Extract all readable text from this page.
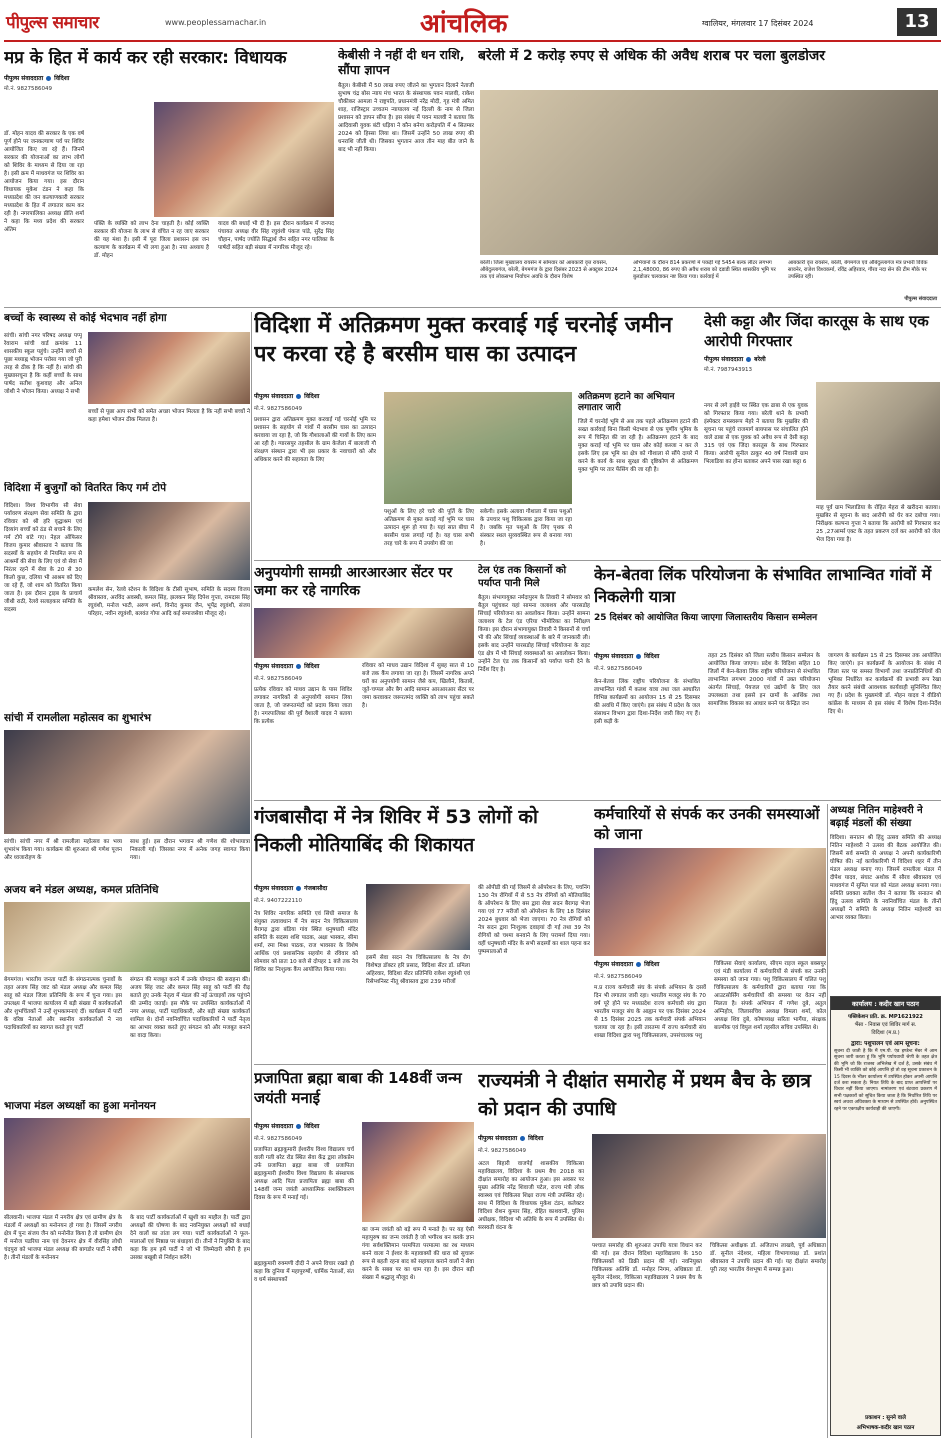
पीपुल्स समाचार	www.peoplessamachar.in	आंचलिक	ग्वालियर, मंगलवार 17 दिसंबर 2024	13
मप्र के हित में कार्य कर रही सरकार: विधायक
पीपुल्स संवाददाता विदिशा
मो.नं. 9827586049
डॉ. मोहन यादव की सरकार के एक वर्ष पूर्ण होने पर जनकल्याण पर्व पर शिविर आयोजित किए जा रहे हैं। जिनमें सरकार की योजनाओं का लाभ लोगों को शिविर के माध्यम से दिया जा रहा है। इसी क्रम में माधवगंज पर शिविर का आयोजन किया गया। इस दौरान विधायक मुकेश टंडन ने कहा कि मध्यप्रदेश की जन कल्याणकारी सरकार मध्यप्रदेश के हित में लगातार काम कर रही है। नगरपालिका अध्यक्ष प्रीति शर्मा ने कहा कि मध्य प्रदेश की सरकार अंतिम
पंक्ति के व्यक्ति को लाभ देना चाहती है। कोई व्यक्ति सरकार की योजना के लाभ से वंचित न रह जाए सरकार की यह मंशा है। इसी में पूरा जिला प्रशासन इस जन कल्याण के कार्यक्रम में भी लगा हुआ है। नया अध्याय है डॉ. मोहन
यादव की बधाई भी दी है। इस दौरान कार्यक्रम में जनपद पंचायत अध्यक्ष वीर सिंह रघुवंशी पंकज पांडे, सुरेंद्र सिंह चौहान, पार्षद ज्योति सिद्धार्थ जैन सहित नगर पालिका के पार्षदों सहित बड़ी संख्या में नागरिक मौजूद रहे।
केबीसी ने नहीं दी धन राशि, सौंपा ज्ञापन
बैतूल। केबीसी में 50 लाख रुपए जीतने का भुगतान दिलाने नेताजी सुभाष चंद्र बोस न्याय मंच भारत के संस्थापक पवन मालवी, राकेश चौकीकर आमला ने राष्ट्रपति, प्रधानमंत्री नरेंद्र मोदी, गृह मंत्री अमित शाह, राजिस्ट्रार उच्चतम न्यायालय नई दिल्ली के नाम से जिला प्रशासन को ज्ञापन सौंपा है। इस संबंध में पवन मालवी ने बताया कि आदिवासी युवक बंटी धड़िया ने कौन बनेगा करोड़पति में 4 सितम्बर 2024 को हिस्सा लिया था। जिसमें उन्होंने 50 लाख रुपए की धनराशि जीती थी। जिसका भुगतान आज तीन माह बीत जाने के बाद भी नहीं किया।
बरेली में 2 करोड़ रुपए से अधिक की अवैध शराब पर चला बुलडोजर
बरेली। जिला मुख्यालय रायसेन में सोमवार को आबकारी वृत्त रायसेन, औबेदुल्लागंज, बरेली, बेगमगंज के द्वारा दिसंबर 2023 से अक्टूबर 2024 तक एवं लोकसभा निर्वाचन अवधि के दौरान विशेष
अभियानों के दौरान 814 प्रकरणों में पकड़ी गई 5454 बल्क लीटर लगभग 2,1,48000, 86 रुपए की अवैध शराब को दडाडी स्थित शासकीय भूमि पर बुलडोजर चलवाकर नष्ट किया गया। कार्रवाई में
आबकारी वृत्त रायसेन, बरेली, बेगमगंज एवं औबेदुल्लागंज मंत्र प्रभारी विवेक सावनेर, राजेश विश्वकर्मा, रविंद्र अहिरवार, गौरव नदा सेन की टीम मौके पर उपस्थित रही।
पीपुल्स संवाददाता
बच्चों के स्वास्थ्य से कोई भेदभाव नहीं होगा
सांची। सांची नगर परिषद अध्यक्ष पप्पू रेवाराम सांची वार्ड क्रमांक 11 शासकीय स्कूल पहुंचे। उन्होंने बच्चों से पूछा मध्याह्न भोजन परोसा गया जो पूरी तरह से ठीक है कि नहीं है। सांची की मुख्यासचूना है कि कहीं बच्चों के साथ पार्षद सतीश कुशवाह और अनिल जोशी ने भोजन किया। अध्यक्ष ने सभी
बच्चों से पूछा आप सभी को समेत अच्छा भोजन मिलता है कि नहीं सभी बच्चों ने कहा हमेशा भोजन ठीक मिलता है।
विदिशा में अतिक्रमण मुक्त करवाई गई चरनोई जमीन पर करवा रहे है बरसीम घास का उत्पादन
पीपुल्स संवाददाता विदिशा
मो.नं. 9827586049
प्रशासन द्वारा अतिक्रमण मुक्त करवाई गई चरनोई भूमि पर प्रशासन के सहयोग से गांवों में बरसीम घास का उत्पादन करवाया जा रहा है, जो कि गौशालाओं की गायों के लिए काम आ रही है। ग्यारसपुर तहसील के ग्राम केजेला में बालाजी गौ संरक्षण संस्थान द्वारा भी इस प्रकार के नवाचारों को और अधिकार करने की सहायता के लिए
पशुओं के लिए हरे चारे की पूर्ति के लिए अतिक्रमण से मुक्त कराई गई भूमि पर घास उत्पादन शुरू हो गया है। यहां सात बीघा में बरसीम घास लगाई गई है। यह घास सभी तरह चारे के रूप में उपयोग की जा
सकेगी। इसके अलावा गौशाला में घास पशुओं के उपचार पशु चिकित्सक द्वारा किया जा रहा है। जबकि मृत पशुओं के लिए पृथक से संस्कार स्थल सुव्यवस्थित रूप से बनाया गया है।
अतिक्रमण हटाने का अभियान लगातार जारी
जिले में चरनोई भूमि से अब तक पहले अतिक्रमण हटाने की सख्त कार्रवाई बिना किसी भेदभाव से एक पूर्णीय भूमिय के रूप में चिन्हित की जा रही है। अतिक्रमण हटाने के बाद मुक्त कराई गई भूमि पर घास और कोई कब्जा न कर ले इसके लिए इस भूमि का क्षेत्र को गौशाला से सौंपे दायरे में करने के कार्य के साथ सुरक्षा की दृष्टिकोण से अतिक्रमण मुक्त भूमि पर तार फेंसिंग की जा रही है।
देसी कट्टा और जिंदा कारतूस के साथ एक आरोपी गिरफ्तार
पीपुल्स संवाददाता बरेली
मो.नं. 7987943913
नगर से लगे हाईवे पर स्थित एक ढाबा से एक युवक को गिरफ्तार किया गया। बरेली थाने के प्रभारी इंस्पेक्टर रामस्वरूप मेहरे ने बताया कि मुखबिर की सूचना पर पहुंचे राजमार्ग बायपास पर संचालित होने वाले ढाबा से एक युवक को अवैध रूप से देसी कट्टा 315 एवं एक जिंदा कारतूस के साथ गिरफ्तार किया। आरोपी सुनील ठाकुर 40 वर्ष निवासी ग्राम भिलाडिया का होना बताकर अपने पास रखा कट्टा 6
माह पूर्व ग्राम भिलाडिया के रोहित मेहरा से खरीदना बताया। मुखबिर से सूचना के बाद आरोपी को घेर कर दबोचा गया। निरीक्षक कल्पना गुप्ता ने बताया कि आरोपी को गिरफ्तार कर 25 ,27आर्म्स एक्ट के तहत प्रकरण दर्ज कर आरोपी को जेल भेज दिया गया है।
विदिशा में बुजुर्गों को वितरित किए गर्म टोपे
विदिशा। विश्व विभागीय सी सेवा पर्यावरण संरक्षण सेवा समिति के द्वारा रविवार को श्री हरि वृद्धाश्रम एवं दिव्यांग बच्चों को ठंड से बचाने के लिए गर्म टोपे बांटे गए। नेहल ऑफिसर विजय कुमार श्रीवास्तव ने बताया कि सदस्यों के सहयोग से नियमित रूप से आश्रमों की सेवा के लिए एवं वो सेवा में निरंतर रहने में सेवा के 20 से 30 किलो कुछ, दलिया भी आश्रम को दिए जा रहे हैं, जो शाम को वितरित किया जाता है। इस दौरान ट्राइब के प्राचार्य जीथी राठी, रेलवे सलाहकार समिति के सदस्य
कमलेश सेन, रेलवे स्टेशन के विदिशा के टीसी सुभाष, समिति के सदस्य विजय श्रीवास्तव, अरविंद अवस्थी, कमल सिंह, झलकन सिंह दिपेश गुप्ता, रामदास सिंह रघुवंशी, मनोज भाटी, अरुण शर्मा, विनोद कुमार जैन, भूपेंद्र रघुवंशी, संजय परिहार, नवीन रघुवंशी, बलवंत गोपा आदि कई समाजसेवा मौजूद रहे।
अनुपयोगी सामग्री आरआरआर सेंटर पर जमा कर रहे नागरिक
पीपुल्स संवाददाता विदिशा
मो.नं. 9827586049
प्रत्येक रविवार को माधव उद्यान के पास शिविर लगाकर नागरिकों से अनुपयोगी सामान लिया जाता है, जो जरूरतमंदों को प्रदाय किया जाता है। नगरपालिका की पूर्व वैशाली यादव ने बताया कि प्रत्येक
रविवार को माधव उद्यान विदिशा में सुबह सात से 10 बजे तक कैंप लगाया जा रहा है। जिसमें नागरिक अपने घरों का अनुपयोगी सामान जैसे कप, खिलौने, किताबें, जूते-चप्पल और बैग आदि सामान आरआरआर सेंटर पर जमा करवाकर जरूरतमंद व्यक्ति को लाभ पहुंचा सकते है।
टेल एंड तक किसानों को पर्याप्त पानी मिले
बैतूल। संभागायुक्त नर्मदापुरम के तिवारी ने सोमवार को बैतूल पहुंचकर यहां सामना जलाशय और पारसडोह सिंचाई परियोजना का अवलोकन किया। उन्होंने सामना जलाशय के टेल एंड एरिया भीमोरिका का निरीक्षण किया। इस दौरान संभागायुक्त तिवारी ने किसानों से चर्चा भी की और सिंचाई व्यवस्थाओं के बारे में जानकारी ली। इसके बाद उन्होंने पारसडोह सिंचाई परियोजना के राइट एंड क्षेत्र में भी सिंचाई व्यवस्थाओं का अवलोकन किया। उन्होंने टेल एंड तक किसानों को पर्याप्त पानी देने के निर्देश दिए है।
केन-बेतवा लिंक परियोजना के संभावित लाभान्वित गांवों में निकलेगी यात्रा
25 दिसंबर को आयोजित किया जाएगा जिलास्तरीय किसान सम्मेलन
पीपुल्स संवाददाता विदिशा
मो.नं. 9827586049
केन-बेतवा लिंक राष्ट्रीय परियोजना के संभावित लाभान्वित गांवों में कलश यात्रा तथा जल आधारित विभिन्न कार्यक्रमों का आयोजन 15 से 25 दिसम्बर की अवधि में किए जाएंगे। इस संबंध में प्रदेश के जल संसाधन विभाग द्वारा दिशा-निर्देश जारी किए गए हैं। इसी कड़ी के
तहत 25 दिसंबर को जिला स्तरीय किसान सम्मेलन के आयोजित किया जाएगा। प्रदेश के विदिशा सहित 10 जिलों में केन-बेतवा लिंक राष्ट्रीय परियोजना से संभावित लाभान्वित लगभग 2000 गांवों में उक्त परियोजना अंतर्गत सिंचाई, पेयजल एवं उद्योगों के लिए जल उपलब्धता तथा इससे इन ग्रामों के आर्थिक तथा सामाजिक विकास का आधार बनने पर केन्द्रित जन
जागरण के कार्यक्रम 15 से 25 दिसम्बर तक आयोजित किए जाएंगे। इन कार्यक्रमों के आयोजन के संबंध में जिला स्तर पर समस्त विभागों तथा जनप्रतिनिधियों की भूमिका निर्धारित कर कार्यक्रमों की प्रभावी रूप रेखा तैयार करने संबंधी आवश्यक कार्यवाही सुनिश्चित किए गए हैं। प्रदेश के मुख्यमंत्री डॉ. मोहन यादव ने वीडियो कांफ्रेंस के माध्यम से इस संबंध में विशेष दिशा-निर्देश दिए थे।
सांची में रामलीला महोत्सव का शुभारंभ
सांची। सांची नगर में श्री रामलीला महोत्सव का भव्य शुभारंभ किया गया। कार्यक्रम की शुरुआत श्री गणेश पूजन और ध्वजारोहण के
साथ हुई। इस दौरान भगवान श्री गणेश की शोभायात्रा निकाली गई। जिसका नगर में अनेक जगह स्वागत किया गया।
गंजबासौदा में नेत्र शिविर में 53 लोगों को निकली मोतियाबिंद की शिकायत
पीपुल्स संवाददाता गंजबासौदा
मो.नं. 9407222110
नेत्र शिविर नागरिक समिति एवं सिंधी समाज के संयुक्त तत्वावधान में नेत्र सदन नेत्र चिकित्सालय बैरागढ़ द्वारा बंडिया गांव स्थित धनुषधारी मंदिर समिति के सदस्य शशि पाठक, अक्षा भास्कर, सीमा शर्मा, रमा मिश्रा पाठक, राज भावसार के विशेष आर्थिक एवं प्रशासनिक सहयोग से रविवार को सोमवार को प्रातः 10 बजे से दोपहर 1 बजे तक नेत्र शिविर का निःशुल्क कैंप आयोजित किया गया।
इसमें सेवा सदन नेत्र चिकित्सालय के नेत्र रोग विशेषज्ञ डॉक्टर हरि प्रसाद, विदिशा सेंटर डॉ. प्रमिला अहिरवार, विदिशा सेंटर प्रतिनिधि राकेश रघुवंशी एवं रिसेप्शनिस्ट नीतू श्रीवास्तव द्वारा 239 मरीजों
की ओपीडी की गई जिसमें से ऑपरेशन के लिए, पचनिंग 130 नेत्र रोगियों में से 53 नेत्र रोगियों को मोतियाबिंद के ऑपरेशन के लिए बस द्वारा सेवा सदन बैरागढ़ भेजा गया एवं 77 मरीजों को ऑपरेशन के लिए 18 दिसंबर 2024 बुधवार को भेजा जाएगा। 70 नेत्र रोगियों को नेत्र सदन द्वारा निःशुल्क दवाइयां दी गई तथा 39 नेत्र रोगियों को चश्मा बनवाने के लिए परामर्श दिया गया। वहीं धनुषधारी मंदिर के सभी सदस्यों का शाल पहना कर पुष्पमालाओं से
कर्मचारियों से संपर्क कर उनकी समस्याओं को जाना
पीपुल्स संवाददाता विदिशा
मो.नं. 9827586049
म.प्र राज्य कर्मचारी संघ के संपर्क अभियान के दसवें दिन भी लगातार जारी रहा। भारतीय मजदूर संघ के 70 वर्ष पूरे होने पर मध्यप्रदेश राज्य कर्मचारी संघ द्वारा भारतीय मजदूर संघ के आह्वान पर एक दिसंबर 2024 से 15 दिसंबर 2025 तक कर्मचारी संपर्क अभियान चलाया जा रहा है। इसी तारतम्य में राज्य कर्मचारी संघ शाखा विदिशा द्वारा पशु चिकित्सालय, उपसंचालक पशु
चिकित्सा सेवाएं कार्यालय, सीएम राइज स्कूल बक्सपुर एवं मंडी कार्यालय में कर्मचारियों से संपर्क कर उनकी समस्या को जाना गया। पशु चिकित्सालय में चलित पशु चिकित्सालय के कर्मचारियों द्वारा बताया गया कि आउटसोर्सिंग कर्मचारियों की समस्या पर वेतन नहीं मिलता है। संपर्क अभियान में गणेश दुबे, अतुल अग्निहोत्र, जिलासचिव अध्यक्ष विमला शर्मा, कोल अध्यक्ष शिव दुबे, कोषाध्यक्ष सरिता भार्गेया, संरक्षक बाल्मीक एवं विपुल शर्मा तहसील सचिव उपस्थित थे।
अध्यक्ष नितिन माहेश्वरी ने बढ़ाई मंडलों की संख्या
विदिशा। सनातन श्री हिंदु उत्सव समिति की अध्यक्ष नितिन माहेश्वरी ने उत्सव की बैठक आयोजित की। जिसमें सर्व सम्मति से अध्यक्ष ने अपनी कार्यकारिणी घोषित की। नई कार्यकारिणी में विदिशा शहर में तीन मंडल अध्यक्ष बनाए गए। जिसमें रामलीला मंडल में दीपेश यादव, संघाट अशोक मैं सौरव श्रीवास्तव एवं माधवगंज में सुमित पाल को मंडल अध्यक्ष बनाया गया। समिति प्रवक्ता सतीश जैन ने बताया कि सनातन श्री हिंदु उत्सव समिति के नवनिर्वाचित मंडल के तीनों अध्यक्षों ने समिति के अध्यक्ष नितिन माहेश्वरी का आभार व्यक्त किया।
अजय बने मंडल अध्यक्ष, कमल प्रतिनिधि
बेगमगंज। भारतीय जनता पार्टी के संगठनात्मक चुनावों के तहत अजय सिंह जाट को मंडल अध्यक्ष और कमल सिंह साहू को मंडल जिला प्रतिनिधि के रूप में चुना गया। इस उपलक्ष्य में भाजपा कार्यालय में बड़ी संख्या में कार्यकर्ताओं और शुभचिंतकों ने उन्हें शुभकामनाएं दीं। कार्यक्रम में पार्टी के वरिष्ठ नेताओं और स्थानीय कार्यकर्ताओं ने नव पदाधिकारियों का स्वागत करते हुए पार्टी
संगठन की मजबूत करने में उनके योगदान की सराहना की। अजय सिंह जाट और कमल सिंह साहू को पार्टी की रीढ़ बताते हुए उनके नेतृत्व में मंडल की नई ऊंचाइयों तक पहुंचने की उम्मीद जताई। इस मौके पर उपस्थित कार्यकर्ताओं में नगर अध्यक्ष, पार्टी पदाधिकारी, और बड़ी संख्या कार्यकर्ता शामिल थे। दोनों नवनिर्वाचित पदाधिकारियों ने पार्टी नेतृत्व का आभार व्यक्त करते हुए संगठन को और मजबूत बनाने का वादा किया।
कार्यालय : कदीर खान पठान
पब्लिकेशन प्रति. क्र. MP1621922
भैंसा - निवास एवं शिविर मार्ग स.
विदिशा (म.प्र.)
द्वारा: पशुपालन एवं आम सूचना:
सूचना दी जाती है कि मैं एम.पी. एंड इण्डेन्ट मेंबर में आम सूचना जारी करता हूं कि भूमि पर्यायवाची श्रेणी के तहत क्षेत्र की भूमि जो कि राजस्व अभिलेख में दर्ज है, उसके संबंध में किसी भी व्यक्ति को कोई आपत्ति हो तो वह सूचना प्रकाशन के 15 दिवस के भीतर कार्यालय में उपस्थित होकर अपनी आपत्ति दर्ज करा सकता है। नियत तिथि के बाद प्राप्त आपत्तियों पर विचार नहीं किया जाएगा। नामांतरण एवं बंटवारा प्रकरण में सभी पक्षकारों को सूचित किया जाता है कि निर्धारित तिथि पर स्वयं अथवा अधिवक्ता के माध्यम से उपस्थित होवें। अनुपस्थित रहने पर एकपक्षीय कार्यवाही की जाएगी।
प्रकाशन : सुनने वाले
अभिभाषक-कदीर खान पठान
प्रजापिता ब्रह्मा बाबा की 148वीं जन्म जयंती मनाई
पीपुल्स संवाददाता विदिशा
मो.नं. 9827586049
प्रजापिता ब्रह्माकुमारी ईश्वरीय विश्व विद्यालय चर्च वाली गली बरेट रोड स्थित सेवा केंद्र द्वारा लोकप्रेम उर्फ प्रजापिता ब्रह्मा बाबा जी प्रजापिता ब्रह्माकुमारी ईश्वरीय विश्व विद्यालय के संस्थापक अध्यक्ष आदि पिता प्रजापिता ब्रह्मा बाबा की 148वीं जन्म जयंती आध्यात्मिक सशक्तिकरण दिवस के रूप में मनाई गई।
ब्रह्माकुमारी रुक्मणी दीदी ने अपने विचार रखते हो कहा कि दुनिया में महापुरुषों, धार्मिक नेताओं, संत व धर्म संस्थापकों
का जन्म जयंती को बड़े रूप में मनाते है। पर यह ऐसी महापुरुष का जन्म जयंती है जो भगीरथ बन करके ज्ञान गंगा सर्वशक्तिमान परमपिता परमात्मा का रथ माध्यम बनने वाला ने ईश्वर के महावाक्यों की धारा को सुचारू रूप से बहती रहना बाद को सहायता कराने वालों ने सेवा करने के सबब पर का धाम रहा है। इस दौरान बड़ी संख्या में श्रद्धालु मौजूद थे।
भाजपा मंडल अध्यक्षों का हुआ मनोनयन
सीलवानी। भाजपा मंडल में नगरीय क्षेत्र एवं ग्रामीण क्षेत्र के मंडलों में अध्यक्षों का मनोनयन हो गया है। जिसमें नगरीय क्षेत्र में पुनः संजय जैन को मनोनीत किया है तो ग्रामीण क्षेत्र में मनोज पडरिया नाम एवं देवनगर क्षेत्र में वीरसिंह लोधी चंदपुरा को भाजपा मंडल अध्यक्ष की बागडोर पार्टी ने सौंपी है। तीनों मंडलों के मनोनयन
के बाद पार्टी कार्यकर्ताओं में खुशी का माहौल है। पार्टी द्वारा अध्यक्षों की घोषणा के बाद नवनियुक्त अध्यक्षों को बधाई देने वालों का तांता लग गया। पार्टी कार्यकर्ताओं ने फूल-मालाओं एवं मिष्ठान्न पर बंधाइयां दी। तीनों ने नियुक्ति के बाद कहा कि हम हमें पार्टी ने जो भी जिम्मेदारी सौंपी है हम उसका बखूबी से निर्वहन करेंगे।
राज्यमंत्री ने दीक्षांत समारोह में प्रथम बैच के छात्र को प्रदान की उपाधि
पीपुल्स संवाददाता विदिशा
मो.नं. 9827586049
अटल बिहारी वाजपेई शासकीय चिकित्सा महाविद्यालय, विदिशा के प्रथम बैच 2018 का दीक्षांत समारोह का आयोजन हुआ। इस अवसर पर मुख्य अतिथि नरेंद्र शिवाजी पटेल, राज्य मंत्री लोक स्वास्थ्य एवं चिकित्सा शिक्षा राज्य मंत्री उपस्थित रहे। साथ में विदिशा के विधायक मुकेश टंडन, कलेक्टर विदिशा रोशन कुमार सिंह, रोहित काशवानी, पुलिस अधीक्षक, विदिशा भी अतिथि के रूप में उपस्थित थे। सरस्वती वंदना के
पश्चात समारोह की शुरुआत उपाधि यात्रा विधान कर की गई। इस दौरान विदिशा महाविद्यालय के 150 चिकित्सकों को डिक्री प्रदान की गई। नवनियुक्त चिकित्सक अतिथि डॉ. मनोहर निगम, अधिष्ठाता डॉ. सुनील नंदेश्वर, चिकित्सा महाविद्यालय ने प्रथम बैच के छात्र को उपाधि प्रदान की।
चिकित्सा अधीक्षक डॉ. अजिताभ लाखवे, पूर्व अधिष्ठाता डॉ. सुनील नंदेश्वर, महिला विभागाध्यक्ष डॉ. प्रशांत श्रीवास्तव ने उपाधि प्रदान की गई। यह दीक्षांत समारोह पूरी तरह भारतीय वेशभूषा में सम्पन्न हुआ।
